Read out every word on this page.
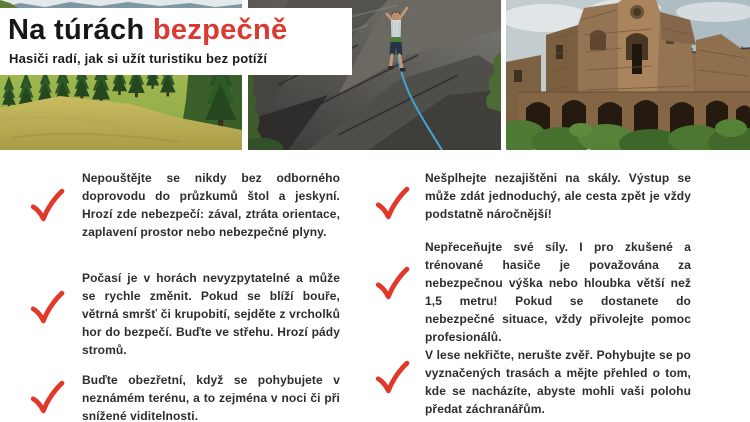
Na túrách bezpečně
Hasiči radí, jak si užít turistiku bez potíží
Nepouštějte se nikdy bez odborného doprovodu do průzkumů štol a jeskyní. Hrozí zde nebezpečí: zával, ztráta orientace, zaplavení prostor nebo nebezpečné plyny.
Počasí je v horách nevyzpytatelné a může se rychle změnit. Pokud se blíží bouře, větrná smršť či krupobití, sejděte z vrcholků hor do bezpečí. Buďte ve střehu. Hrozí pády stromů.
Buďte obezřetní, když se pohybujete v neznámém terénu, a to zejména v noci či při snížené viditelnosti.
Nešplhejte nezajištěni na skály. Výstup se může zdát jednoduchý, ale cesta zpět je vždy podstatně náročnější!
Nepřeceňujte své síly. I pro zkušené a trénované hasiče je považována za nebezpečnou výška nebo hloubka větší než 1,5 metru! Pokud se dostanete do nebezpečné situace, vždy přivolejte pomoc profesionálů.
V lese nekřičte, nerušte zvěř. Pohybujte se po vyznačených trasách a mějte přehled o tom, kde se nacházíte, abyste mohli vaši polohu předat záchranářům.
